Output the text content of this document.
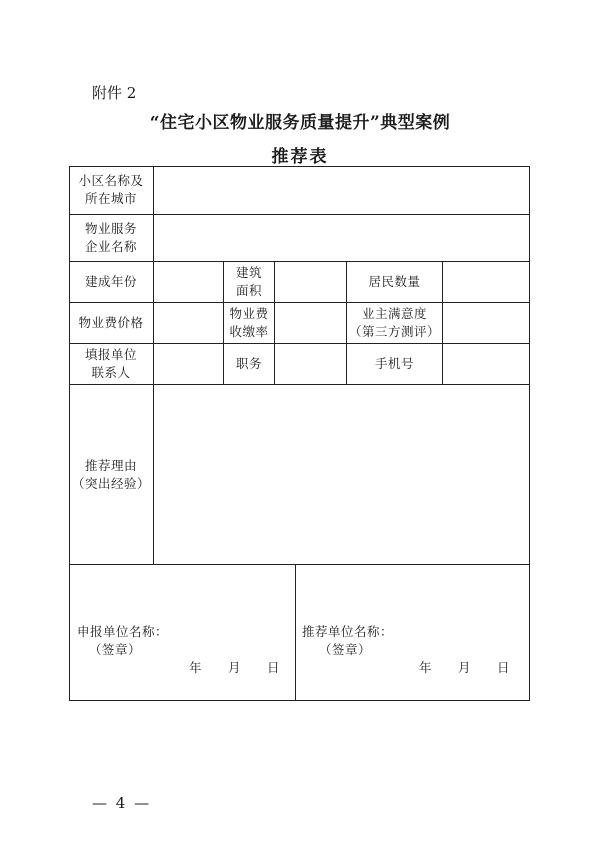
附件 2
“住宅小区物业服务质量提升”典型案例
推荐表
小区名称及
所在城市
物业服务
企业名称
建成年份
建筑
面积
居民数量
物业费价格
物业费
收缴率
业主满意度
（第三方测评）
填报单位
联系人
职务	手机号
推荐理由
（突出经验）
申报单位名称：
（签章）
年　　月　　日
推荐单位名称：
（签章）
年　　月　　日
— 4 —
